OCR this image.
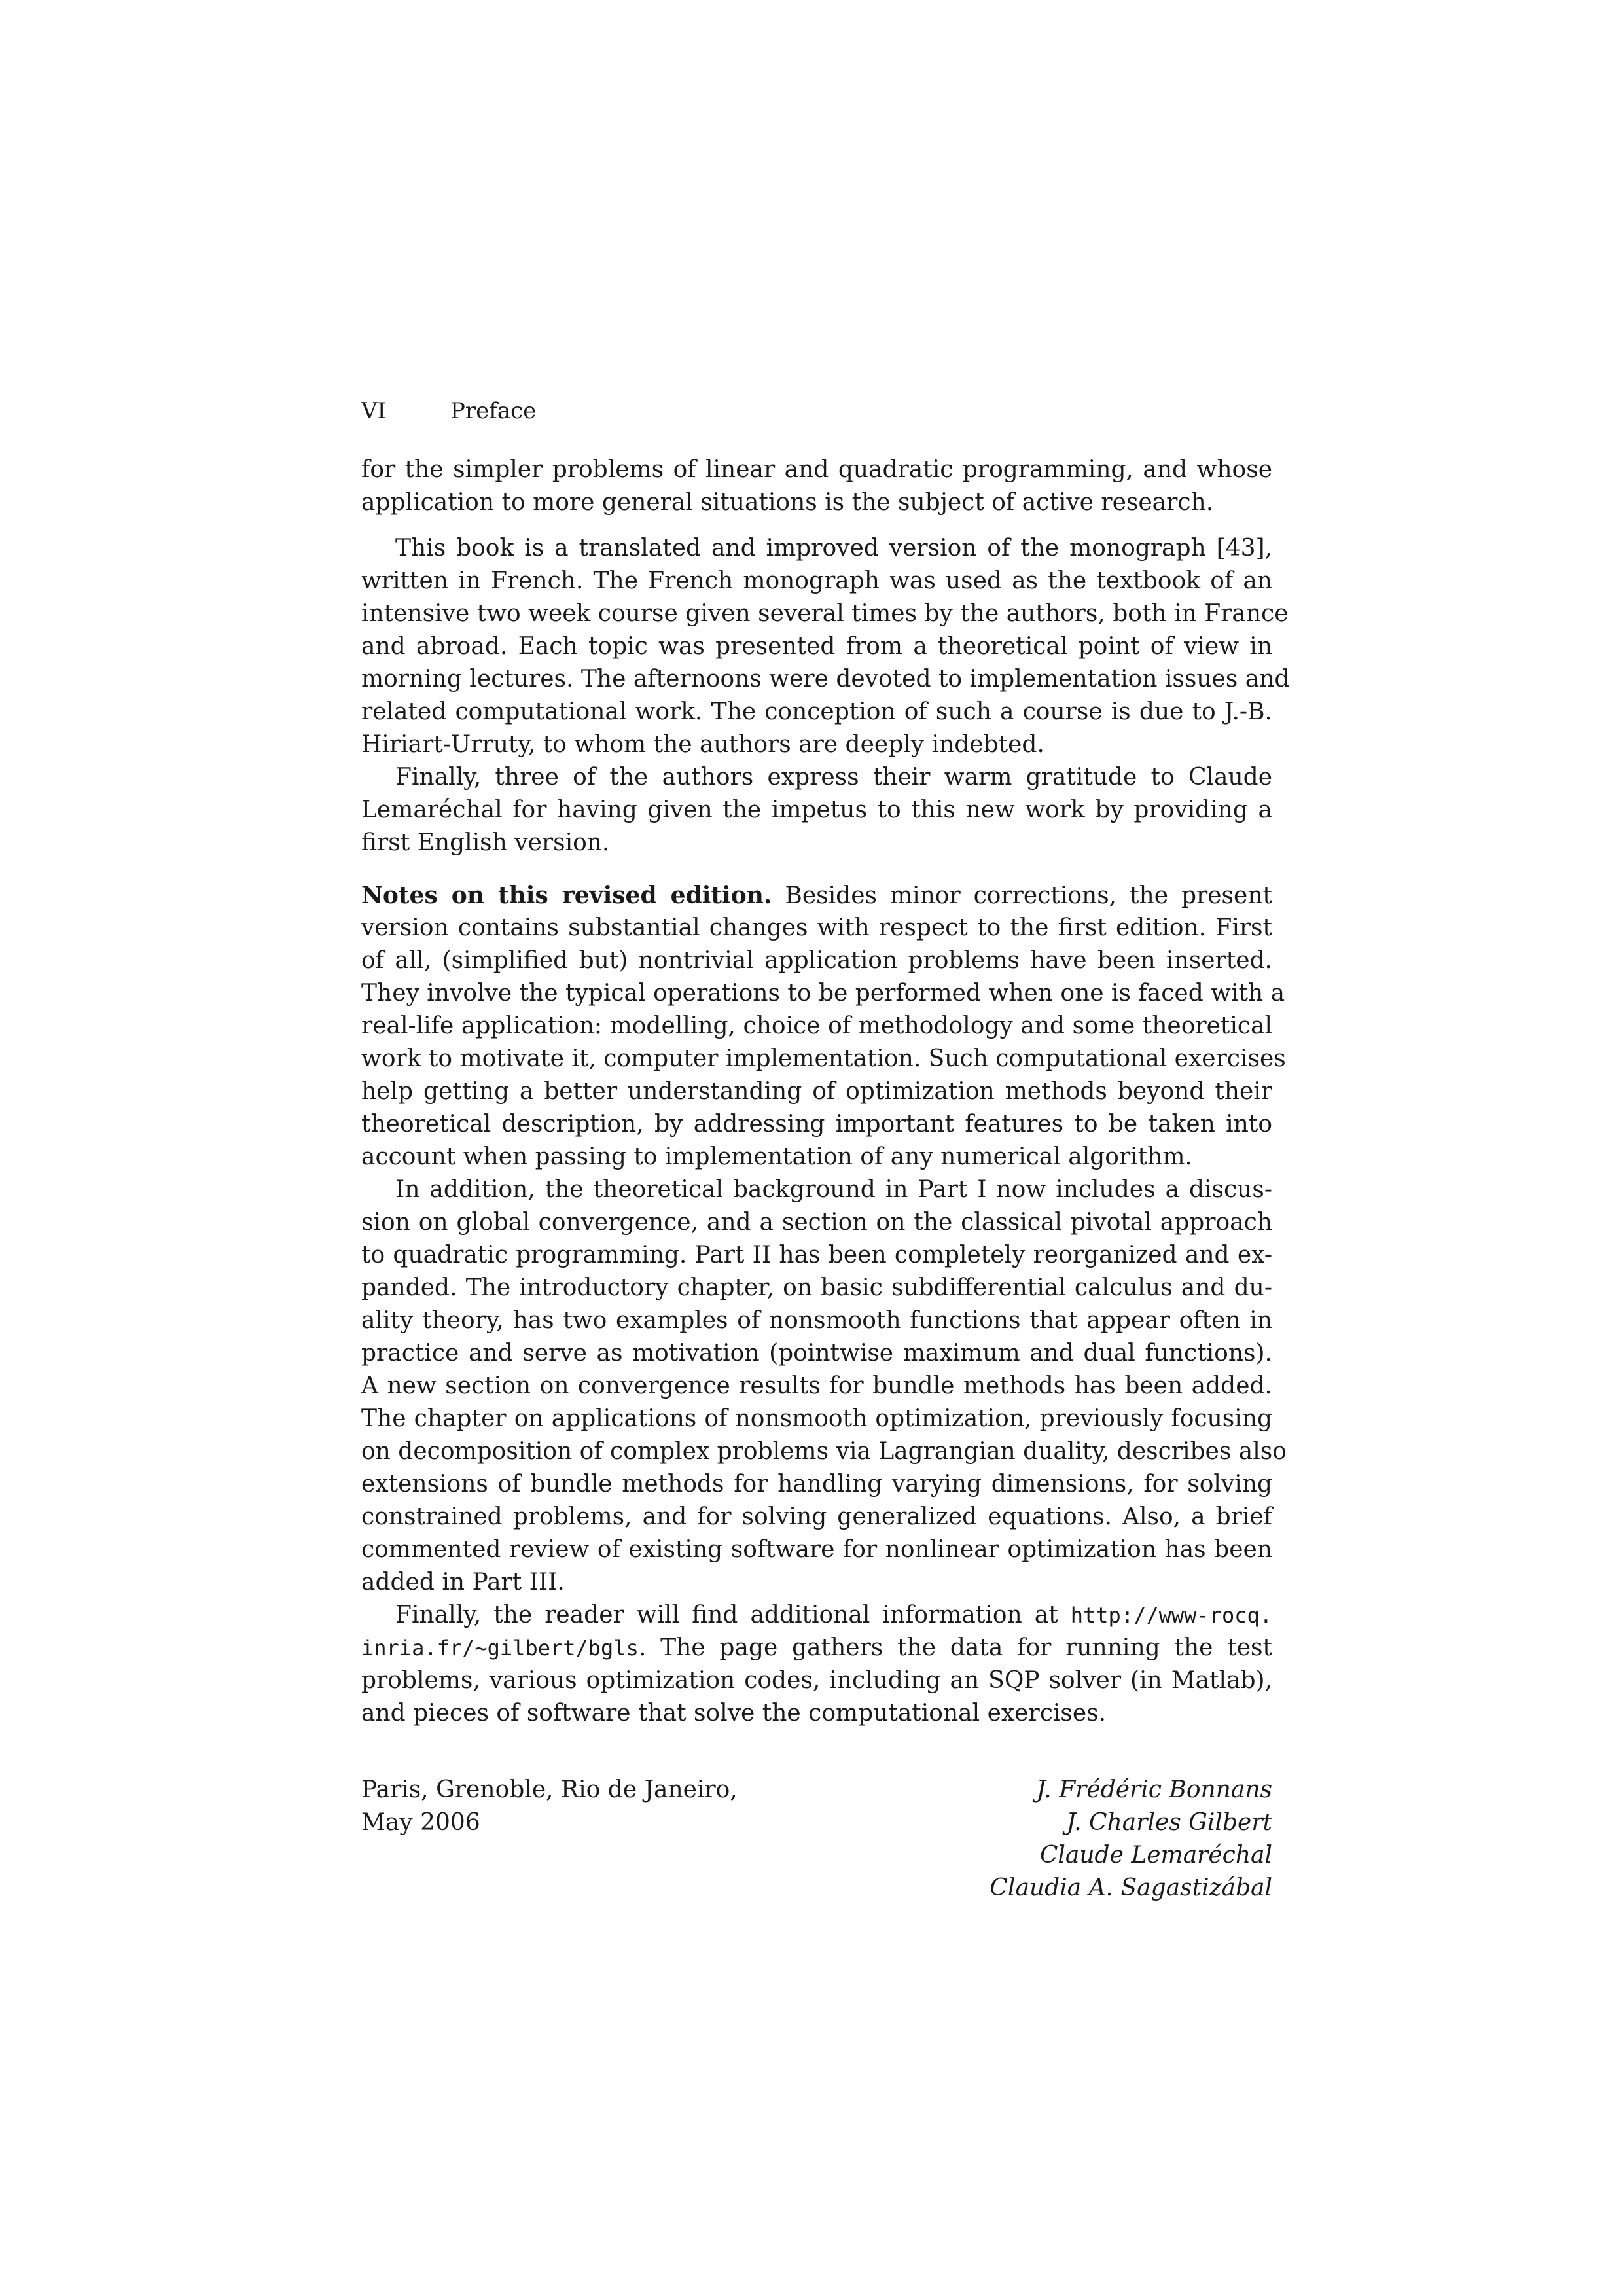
VI	Preface
for the simpler problems of linear and quadratic programming, and whose
application to more general situations is the subject of active research.
This book is a translated and improved version of the monograph [43],
written in French. The French monograph was used as the textbook of an
intensive two week course given several times by the authors, both in France
and abroad. Each topic was presented from a theoretical point of view in
morning lectures. The afternoons were devoted to implementation issues and
related computational work. The conception of such a course is due to J.-B.
Hiriart-Urruty, to whom the authors are deeply indebted.
Finally, three of the authors express their warm gratitude to Claude
Lemaréchal for having given the impetus to this new work by providing a
first English version.
Notes on this revised edition. Besides minor corrections, the present
version contains substantial changes with respect to the first edition. First
of all, (simplified but) nontrivial application problems have been inserted.
They involve the typical operations to be performed when one is faced with a
real-life application: modelling, choice of methodology and some theoretical
work to motivate it, computer implementation. Such computational exercises
help getting a better understanding of optimization methods beyond their
theoretical description, by addressing important features to be taken into
account when passing to implementation of any numerical algorithm.
In addition, the theoretical background in Part I now includes a discus-
sion on global convergence, and a section on the classical pivotal approach
to quadratic programming. Part II has been completely reorganized and ex-
panded. The introductory chapter, on basic subdifferential calculus and du-
ality theory, has two examples of nonsmooth functions that appear often in
practice and serve as motivation (pointwise maximum and dual functions).
A new section on convergence results for bundle methods has been added.
The chapter on applications of nonsmooth optimization, previously focusing
on decomposition of complex problems via Lagrangian duality, describes also
extensions of bundle methods for handling varying dimensions, for solving
constrained problems, and for solving generalized equations. Also, a brief
commented review of existing software for nonlinear optimization has been
added in Part III.
Finally, the reader will find additional information at http://www-rocq.
inria.fr/~gilbert/bgls. The page gathers the data for running the test
problems, various optimization codes, including an SQP solver (in Matlab),
and pieces of software that solve the computational exercises.
Paris, Grenoble, Rio de Janeiro,
May 2006
J. Frédéric Bonnans
J. Charles Gilbert
Claude Lemaréchal
Claudia A. Sagastizábal
